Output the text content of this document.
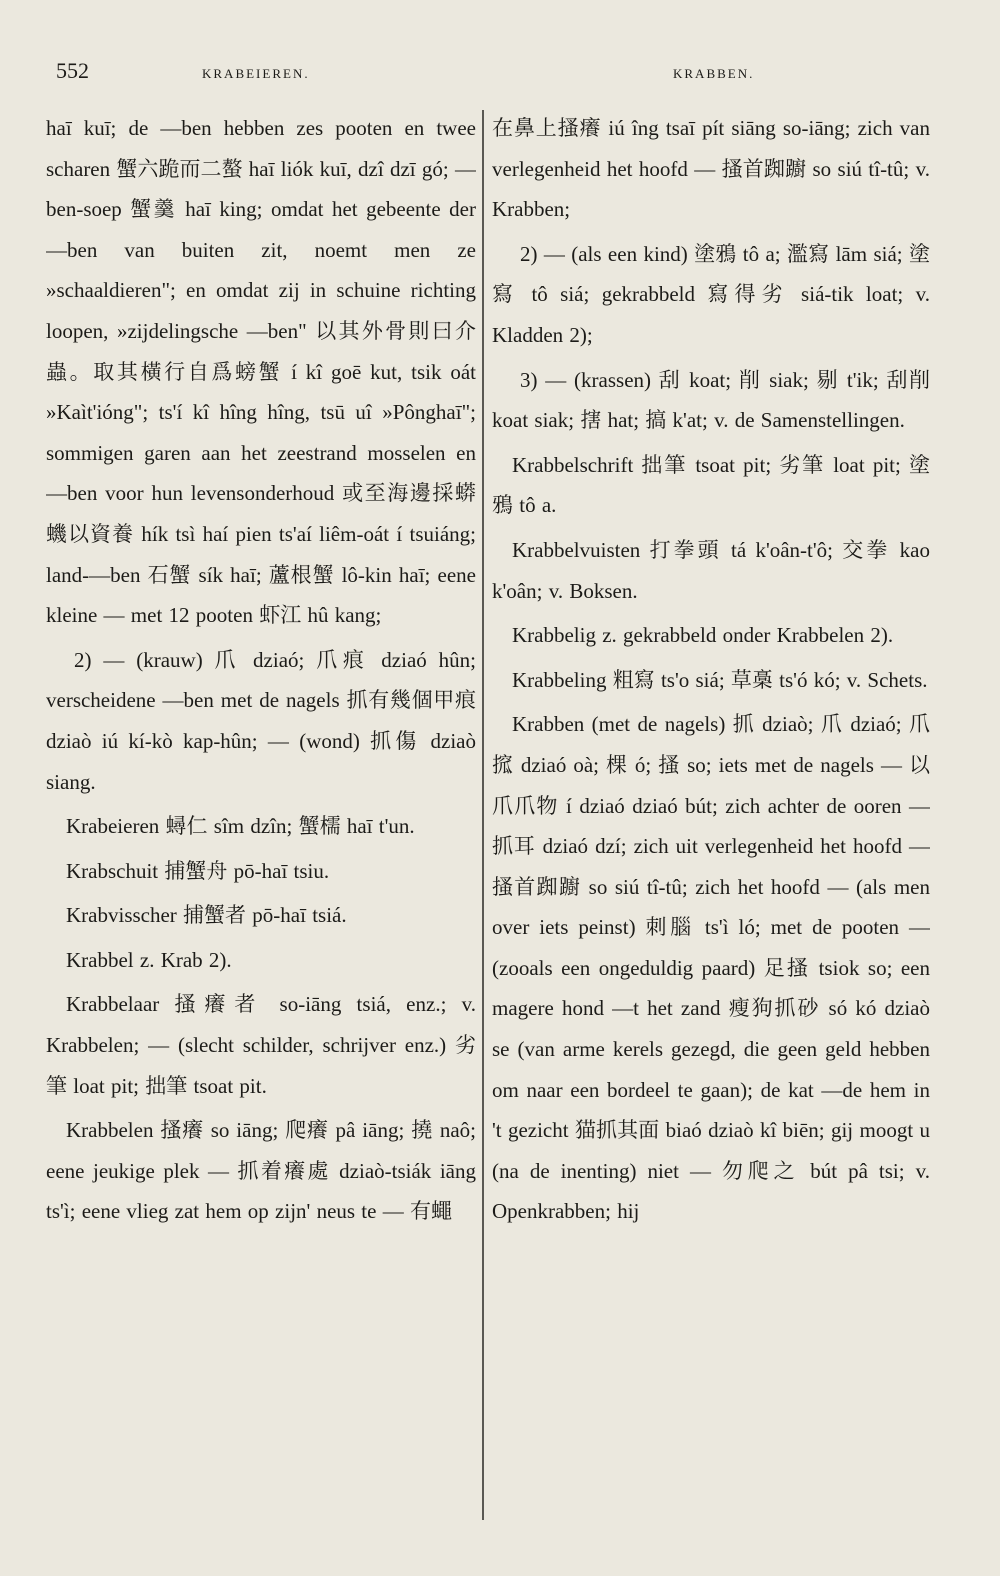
552	KRABEIEREN.	KRABBEN.

haī kuī; de —ben hebben zes pooten en twee scharen 蟹六跪而二螯 haī liók kuī, dzî dzī gó; —ben-soep 蟹羹 haī king; omdat het gebeente der —ben van buiten zit, noemt men ze »schaaldieren"; en omdat zij in schuine richting loopen, »zijdelingsche —ben" 以其外骨則曰介蟲。取其橫行自爲螃蟹 í kî goē kut, tsik oát »Kaìt'ióng"; ts'í kî hîng hîng, tsū uî »Pônghaī"; sommigen garen aan het zeestrand mosselen en —ben voor hun levensonderhoud 或至海邊採蟒蟣以資養 hík tsì haí pien ts'aí liêm-oát í tsuiáng; land-—ben 石蟹 sík haī; 蘆根蟹 lô-kin haī; eene kleine — met 12 pooten 虾江 hû kang;

2) — (krauw) 爪 dziaó; 爪痕 dziaó hûn; verscheidene —ben met de nagels 抓有幾個甲痕 dziaò iú kí-kò kap-hûn; — (wond) 抓傷 dziaò siang.

Krabeieren 蟳仁 sîm dzîn; 蟹檽 haī t'un.

Krabschuit 捕蟹舟 pō-haī tsiu.

Krabvisscher 捕蟹者 pō-haī tsiá.

Krabbel z. Krab 2).

Krabbelaar 搔癢者 so-iāng tsiá, enz.; v. Krabbelen; — (slecht schilder, schrijver enz.) 劣筆 loat pit; 拙筆 tsoat pit.

Krabbelen 搔癢 so iāng; 爬癢 pâ iāng; 撓 naô; eene jeukige plek — 抓着癢處 dziaò-tsiák iāng ts'ì; eene vlieg zat hem op zijn' neus te — 有蠅

在鼻上搔癢 iú îng tsaī pít siāng so-iāng; zich van verlegenheid het hoofd — 搔首踟躕 so siú tî-tû; v. Krabben;

2) — (als een kind) 塗鴉 tô a; 濫寫 lām siá; 塗寫 tô siá; gekrabbeld 寫得劣 siá-tik loat; v. Kladden 2);

3) — (krassen) 刮 koat; 削 siak; 剔 t'ik; 刮削 koat siak; 搳 hat; 搞 k'at; v. de Samenstellingen.

Krabbelschrift 拙筆 tsoat pit; 劣筆 loat pit; 塗鴉 tô a.

Krabbelvuisten 打拳頭 tá k'oân-t'ô; 交拳 kao k'oân; v. Boksen.

Krabbelig z. gekrabbeld onder Krabbelen 2).

Krabbeling 粗寫 ts'o siá; 草槀 ts'ó kó; v. Schets.

Krabben (met de nagels) 抓 dziaò; 爪 dziaó; 爪搲 dziaó oà; 棵 ó; 搔 so; iets met de nagels — 以爪爪物 í dziaó dziaó bút; zich achter de ooren — 抓耳 dziaó dzí; zich uit verlegenheid het hoofd — 搔首踟躕 so siú tî-tû; zich het hoofd — (als men over iets peinst) 刺腦 ts'ì ló; met de pooten — (zooals een ongeduldig paard) 足搔 tsiok so; een magere hond —t het zand 瘦狗抓砂 só kó dziaò se (van arme kerels gezegd, die geen geld hebben om naar een bordeel te gaan); de kat —de hem in 't gezicht 猫抓其面 biaó dziaò kî biēn; gij moogt u (na de inenting) niet — 勿爬之 bút pâ tsi; v. Openkrabben; hij
